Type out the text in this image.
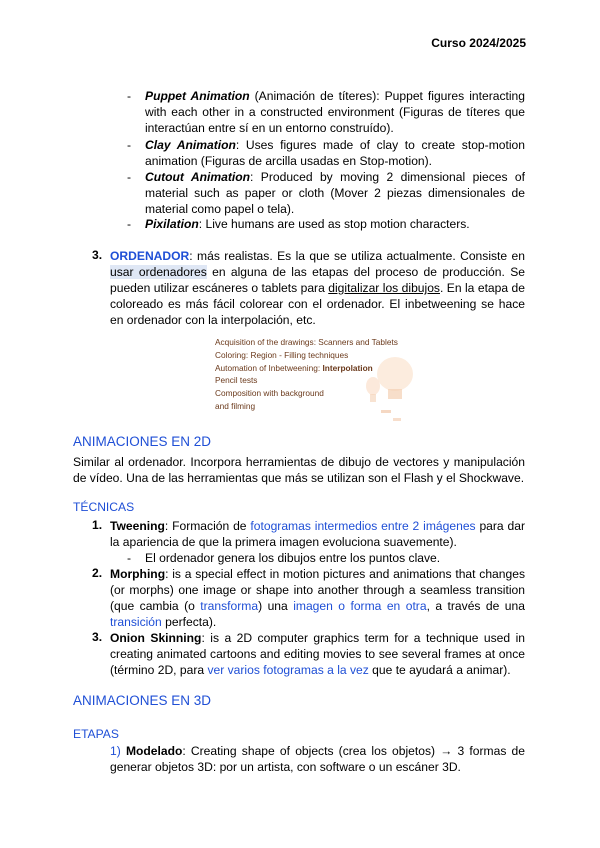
Curso 2024/2025
-	Puppet Animation (Animación de títeres): Puppet figures interacting with each other in a constructed environment (Figuras de títeres que interactúan entre sí en un entorno construído).
-	Clay Animation: Uses figures made of clay to create stop-motion animation (Figuras de arcilla usadas en Stop-motion).
-	Cutout Animation: Produced by moving 2 dimensional pieces of material such as paper or cloth (Mover 2 piezas dimensionales de material como papel o tela).
-	Pixilation: Live humans are used as stop motion characters.
3. ORDENADOR: más realistas. Es la que se utiliza actualmente. Consiste en usar ordenadores en alguna de las etapas del proceso de producción. Se pueden utilizar escáneres o tablets para digitalizar los dibujos. En la etapa de coloreado es más fácil colorear con el ordenador. El inbetweening se hace en ordenador con la interpolación, etc.
Acquisition of the drawings: Scanners and Tablets
Coloring: Region - Filling techniques
Automation of Inbetweening: Interpolation
Pencil tests
Composition with background
and filming
ANIMACIONES EN 2D
Similar al ordenador. Incorpora herramientas de dibujo de vectores y manipulación de vídeo. Una de las herramientas que más se utilizan son el Flash y el Shockwave.
TÉCNICAS
1. Tweening: Formación de fotogramas intermedios entre 2 imágenes para dar la apariencia de que la primera imagen evoluciona suavemente).
-	El ordenador genera los dibujos entre los puntos clave.
2. Morphing: is a special effect in motion pictures and animations that changes (or morphs) one image or shape into another through a seamless transition (que cambia (o transforma) una imagen o forma en otra, a través de una transición perfecta).
3. Onion Skinning: is a 2D computer graphics term for a technique used in creating animated cartoons and editing movies to see several frames at once (término 2D, para ver varios fotogramas a la vez que te ayudará a animar).
ANIMACIONES EN 3D
ETAPAS
1) Modelado: Creating shape of objects (crea los objetos) → 3 formas de generar objetos 3D: por un artista, con software o un escáner 3D.
